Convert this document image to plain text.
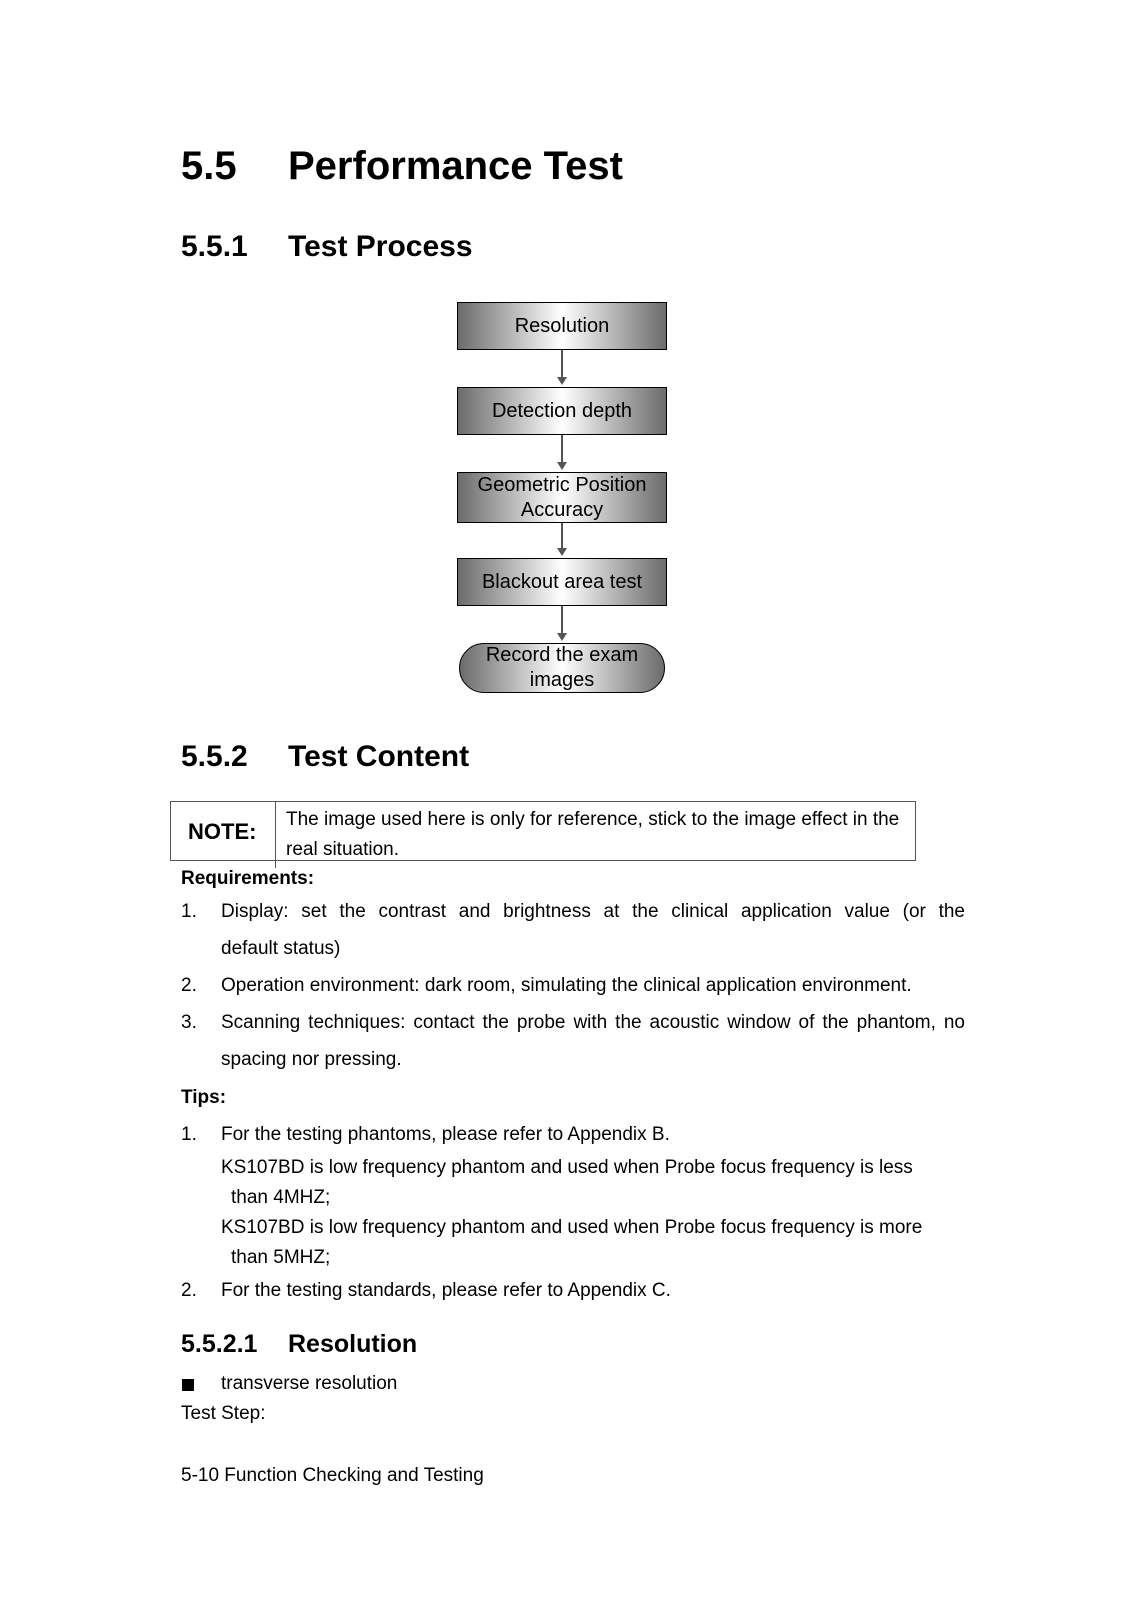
5.5 Performance Test
5.5.1 Test Process
Resolution
Detection depth
Geometric Position Accuracy
Blackout area test
Record the exam images
5.5.2 Test Content
NOTE: The image used here is only for reference, stick to the image effect in the real situation.
Requirements:
1. Display: set the contrast and brightness at the clinical application value (or the
default status)
2. Operation environment: dark room, simulating the clinical application environment.
3. Scanning techniques: contact the probe with the acoustic window of the phantom, no
spacing nor pressing.
Tips:
1. For the testing phantoms, please refer to Appendix B.
KS107BD is low frequency phantom and used when Probe focus frequency is less
than 4MHZ;
KS107BD is low frequency phantom and used when Probe focus frequency is more
than 5MHZ;
2. For the testing standards, please refer to Appendix C.
5.5.2.1 Resolution
transverse resolution
Test Step:
5-10 Function Checking and Testing
